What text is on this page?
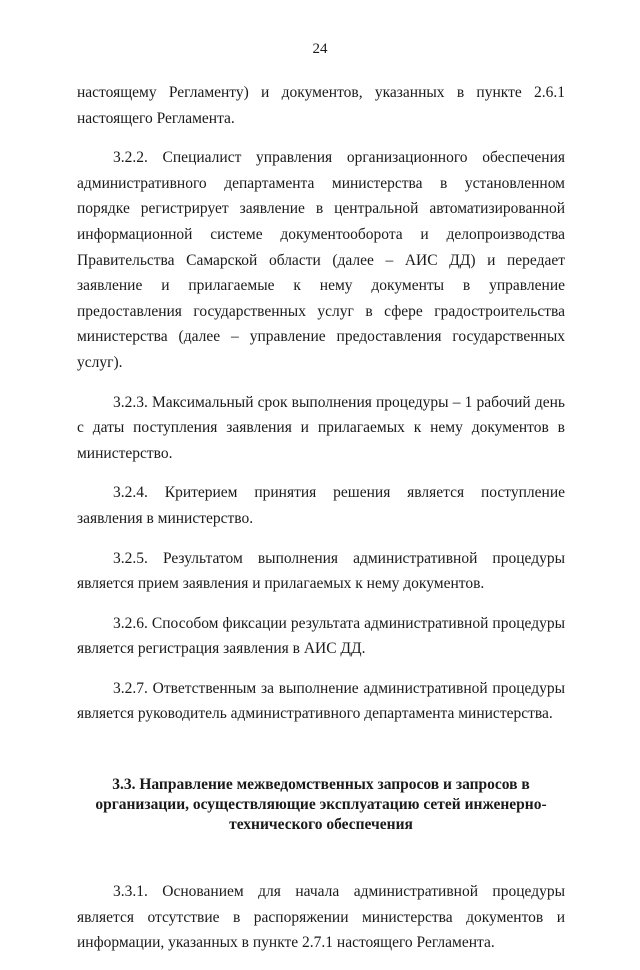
24

настоящему Регламенту) и документов, указанных в пункте 2.6.1 настоящего Регламента.

3.2.2. Специалист управления организационного обеспечения административного департамента министерства в установленном порядке регистрирует заявление в центральной автоматизированной информационной системе документооборота и делопроизводства Правительства Самарской области (далее – АИС ДД) и передает заявление и прилагаемые к нему документы в управление предоставления государственных услуг в сфере градостроительства министерства (далее – управление предоставления государственных услуг).

3.2.3. Максимальный срок выполнения процедуры – 1 рабочий день с даты поступления заявления и прилагаемых к нему документов в министерство.

3.2.4. Критерием принятия решения является поступление заявления в министерство.

3.2.5. Результатом выполнения административной процедуры является прием заявления и прилагаемых к нему документов.

3.2.6. Способом фиксации результата административной процедуры является регистрация заявления в АИС ДД.

3.2.7. Ответственным за выполнение административной процедуры является руководитель административного департамента министерства.

3.3. Направление межведомственных запросов и запросов в
организации, осуществляющие эксплуатацию сетей инженерно-
технического обеспечения

3.3.1. Основанием для начала административной процедуры является отсутствие в распоряжении министерства документов и информации, указанных в пункте 2.7.1 настоящего Регламента.
